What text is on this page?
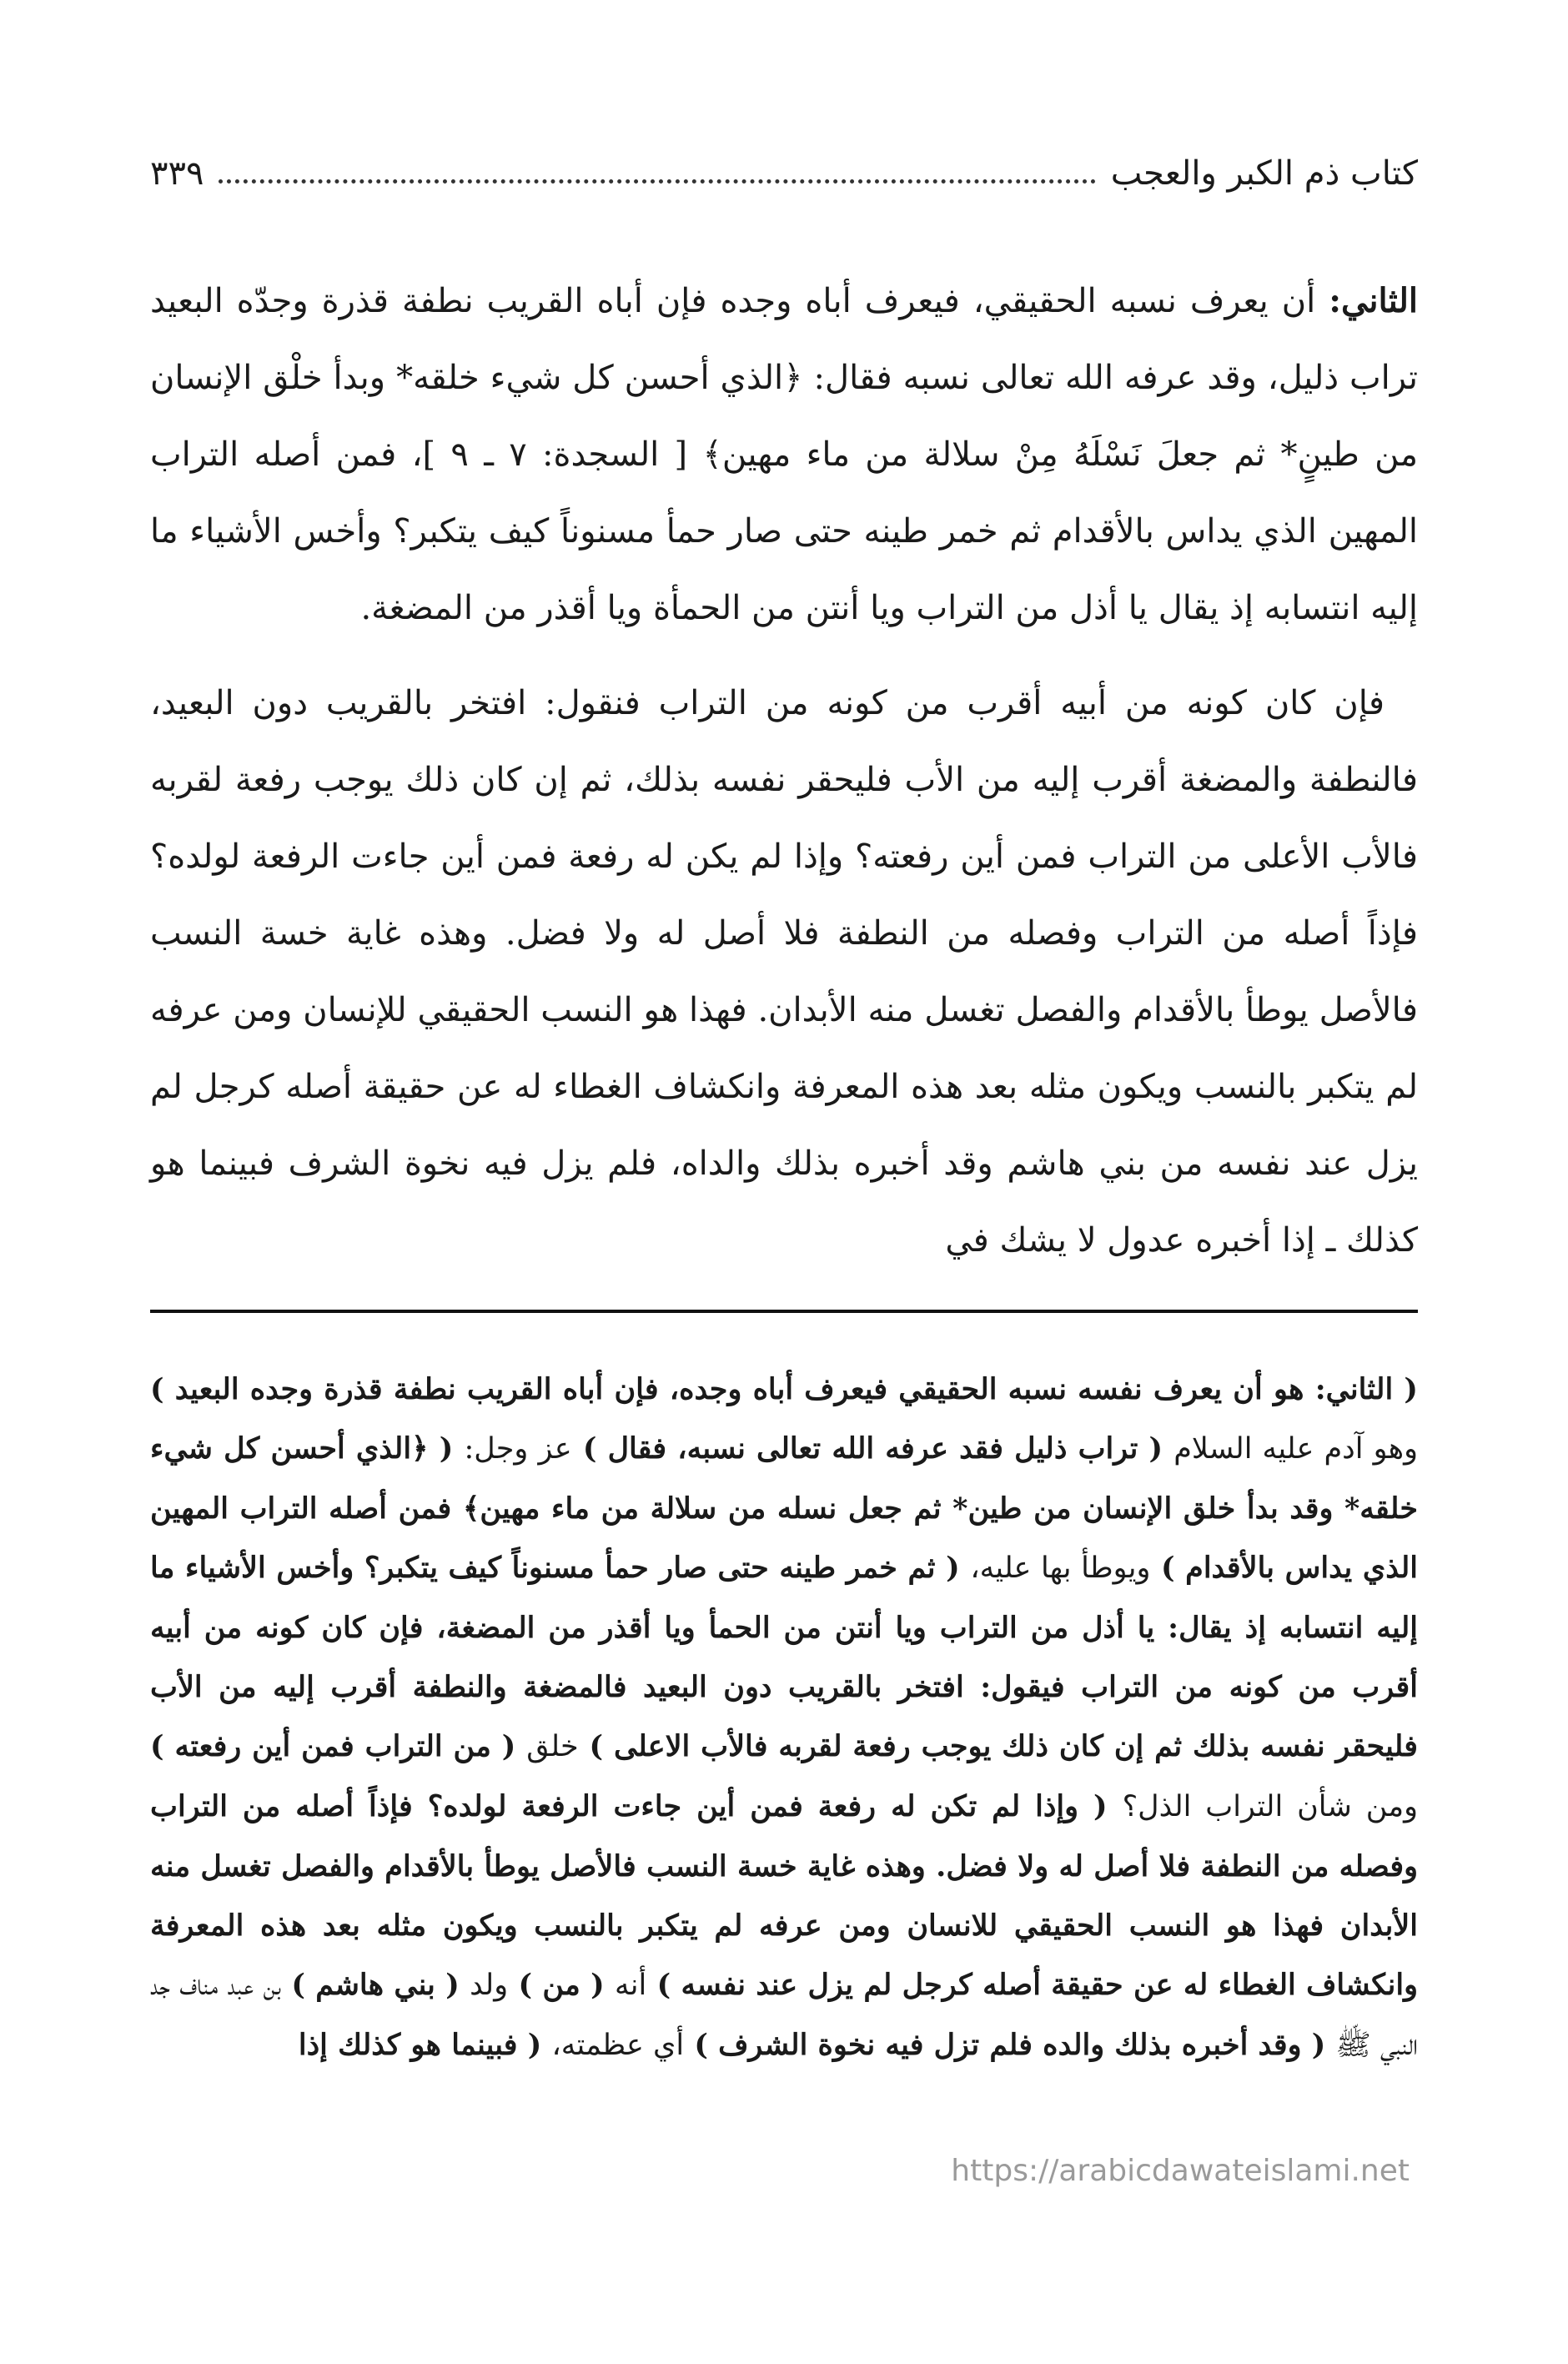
كتاب ذم الكبر والعجب
٣٣٩

الثاني: أن يعرف نسبه الحقيقي، فيعرف أباه وجده فإن أباه القريب نطفة قذرة وجدّه البعيد تراب ذليل، وقد عرفه الله تعالى نسبه فقال: ﴿الذي أحسن كل شيء خلقه* وبدأ خلْق الإنسان من طينٍ* ثم جعلَ نَسْلَهُ مِنْ سلالة من ماء مهين﴾ [ السجدة: ٧ ـ ٩ ]، فمن أصله التراب المهين الذي يداس بالأقدام ثم خمر طينه حتى صار حمأ مسنوناً كيف يتكبر؟ وأخس الأشياء ما إليه انتسابه إذ يقال يا أذل من التراب ويا أنتن من الحمأة ويا أقذر من المضغة.

فإن كان كونه من أبيه أقرب من كونه من التراب فنقول: افتخر بالقريب دون البعيد، فالنطفة والمضغة أقرب إليه من الأب فليحقر نفسه بذلك، ثم إن كان ذلك يوجب رفعة لقربه فالأب الأعلى من التراب فمن أين رفعته؟ وإذا لم يكن له رفعة فمن أين جاءت الرفعة لولده؟ فإذاً أصله من التراب وفصله من النطفة فلا أصل له ولا فضل. وهذه غاية خسة النسب فالأصل يوطأ بالأقدام والفصل تغسل منه الأبدان. فهذا هو النسب الحقيقي للإنسان ومن عرفه لم يتكبر بالنسب ويكون مثله بعد هذه المعرفة وانكشاف الغطاء له عن حقيقة أصله كرجل لم يزل عند نفسه من بني هاشم وقد أخبره بذلك والداه، فلم يزل فيه نخوة الشرف فبينما هو كذلك ـ إذا أخبره عدول لا يشك في

( الثاني: هو أن يعرف نفسه نسبه الحقيقي فيعرف أباه وجده، فإن أباه القريب نطفة قذرة وجده البعيد ) وهو آدم عليه السلام ( تراب ذليل فقد عرفه الله تعالى نسبه، فقال ) عز وجل: ( ﴿الذي أحسن كل شيء خلقه* وقد بدأ خلق الإنسان من طين* ثم جعل نسله من سلالة من ماء مهين﴾ فمن أصله التراب المهين الذي يداس بالأقدام ) ويوطأ بها عليه، ( ثم خمر طينه حتى صار حمأ مسنوناً كيف يتكبر؟ وأخس الأشياء ما إليه انتسابه إذ يقال: يا أذل من التراب ويا أنتن من الحمأ ويا أقذر من المضغة، فإن كان كونه من أبيه أقرب من كونه من التراب فيقول: افتخر بالقريب دون البعيد فالمضغة والنطفة أقرب إليه من الأب فليحقر نفسه بذلك ثم إن كان ذلك يوجب رفعة لقربه فالأب الاعلى ) خلق ( من التراب فمن أين رفعته ) ومن شأن التراب الذل؟ ( وإذا لم تكن له رفعة فمن أين جاءت الرفعة لولده؟ فإذاً أصله من التراب وفصله من النطفة فلا أصل له ولا فضل. وهذه غاية خسة النسب فالأصل يوطأ بالأقدام والفصل تغسل منه الأبدان فهذا هو النسب الحقيقي للانسان ومن عرفه لم يتكبر بالنسب ويكون مثله بعد هذه المعرفة وانكشاف الغطاء له عن حقيقة أصله كرجل لم يزل عند نفسه ) أنه ( من ) ولد ( بني هاشم ) بن عبد مناف جد النبي ﷺ ( وقد أخبره بذلك والده فلم تزل فيه نخوة الشرف ) أي عظمته، ( فبينما هو كذلك إذا

https://arabicdawateislami.net
